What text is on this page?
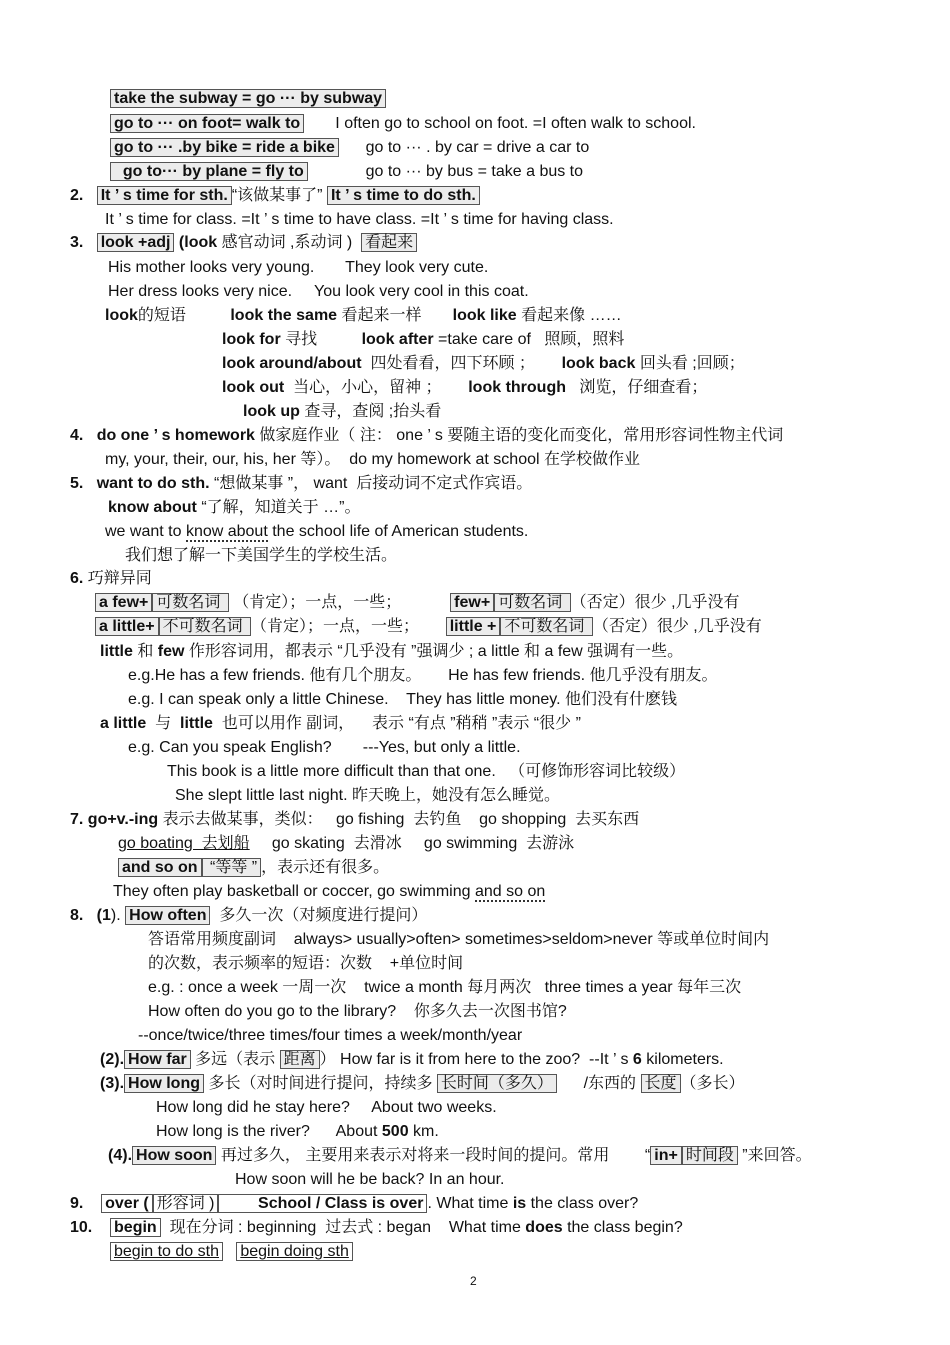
take the subway = go ··· by subway
go to ··· on foot= walk to       I often go to school on foot. =I often walk to school.
go to ··· .by bike = ride a bike      go to ··· . by car = drive a car to
go to··· by plane = fly to             go to ··· by bus = take a bus to
2.   It ’ s time for sth. “该做某事了” It ’ s time to do sth.
It ’ s time for class. =It ’ s time to have class. =It ’ s time for having class.
3.   look +adj (look 感官动词 ,系动词 )  看起来
His mother looks very young.       They look very cute.
Her dress looks very nice.     You look very cool in this coat.
look的短语          look the same 看起来一样       look like 看起来像 ……
look for 寻找          look after =take care of   照顾，照料
look around/about  四处看看，四下环顾 ；      look back 回头看 ;回顾；
look out  当心，小心，留神 ；      look through   浏览，仔细查看；
look up 查寻，查阅 ;抬头看
4.   do one ’ s homework 做家庭作业（ 注： one ’ s 要随主语的变化而变化，常用形容词性物主代词
my, your, their, our, his, her 等）。  do my homework at school 在学校做作业
5.   want to do sth. “想做某事 ”， want  后接动词不定式作宾语。
know about “了解，知道关于 …”。
we want to know about the school life of American students.
我们想了解一下美国学生的学校生活。
6. 巧辩异同
a few+ 可数名词  （肯定）；一点，一些；           few+ 可数名词 （否定）很少 ,几乎没有
a little+ 不可数名词 （肯定）；一点，一些；      little + 不可数名词 （否定）很少 ,几乎没有
little 和 few 作形容词用，都表示 “几乎没有 ”强调少 ; a little 和 a few 强调有一些。
e.g.He has a few friends. 他有几个朋友。      He has few friends. 他几乎没有朋友。
e.g. I can speak only a little Chinese.    They has little money. 他们没有什麽钱
a little  与  little  也可以用作 副词，    表示 “有点 ”稍稍 ”表示 “很少 ”
e.g. Can you speak English?       ---Yes, but only a little.
This book is a little more difficult than that one.   （可修饰形容词比较级）
She slept little last night. 昨天晚上，她没有怎么睡觉。
7. go+v.-ing 表示去做某事，类似：   go fishing  去钓鱼    go shopping  去买东西
go boating  去划船     go skating  去滑冰     go swimming  去游泳
and so on “等等 ” ，表示还有很多。
They often play basketball or coccer, go swimming and so on
8.   (1). How often  多久一次（对频度进行提问）
答语常用频度副词    always> usually>often> sometimes>seldom>never 等或单位时间内
的次数，表示频率的短语：次数    +单位时间
e.g. : once a week 一周一次    twice a month 每月两次   three times a year 每年三次
How often do you go to the library?    你多久去一次图书馆?
--once/twice/three times/four times a week/month/year
(2). How far 多远（表示 距离 ） How far is it from here to the zoo?  --It ’ s 6 kilometers.
(3). How long 多长（对时间进行提问，持续多 长时间（多久）      /东西的 长度 （多长）
How long did he stay here?     About two weeks.
How long is the river?      About 500 km.
(4). How soon 再过多久， 主要用来表示对将来一段时间的提问。常用        “ in+ 时间段 ”来回答。
How soon will he be back? In an hour.
9.    over ( 形容词 )        School / Class is over . What time is the class over?
10.    begin  现在分词 : beginning  过去式 : began    What time does the class begin?
begin to do sth begin doing sth
2
